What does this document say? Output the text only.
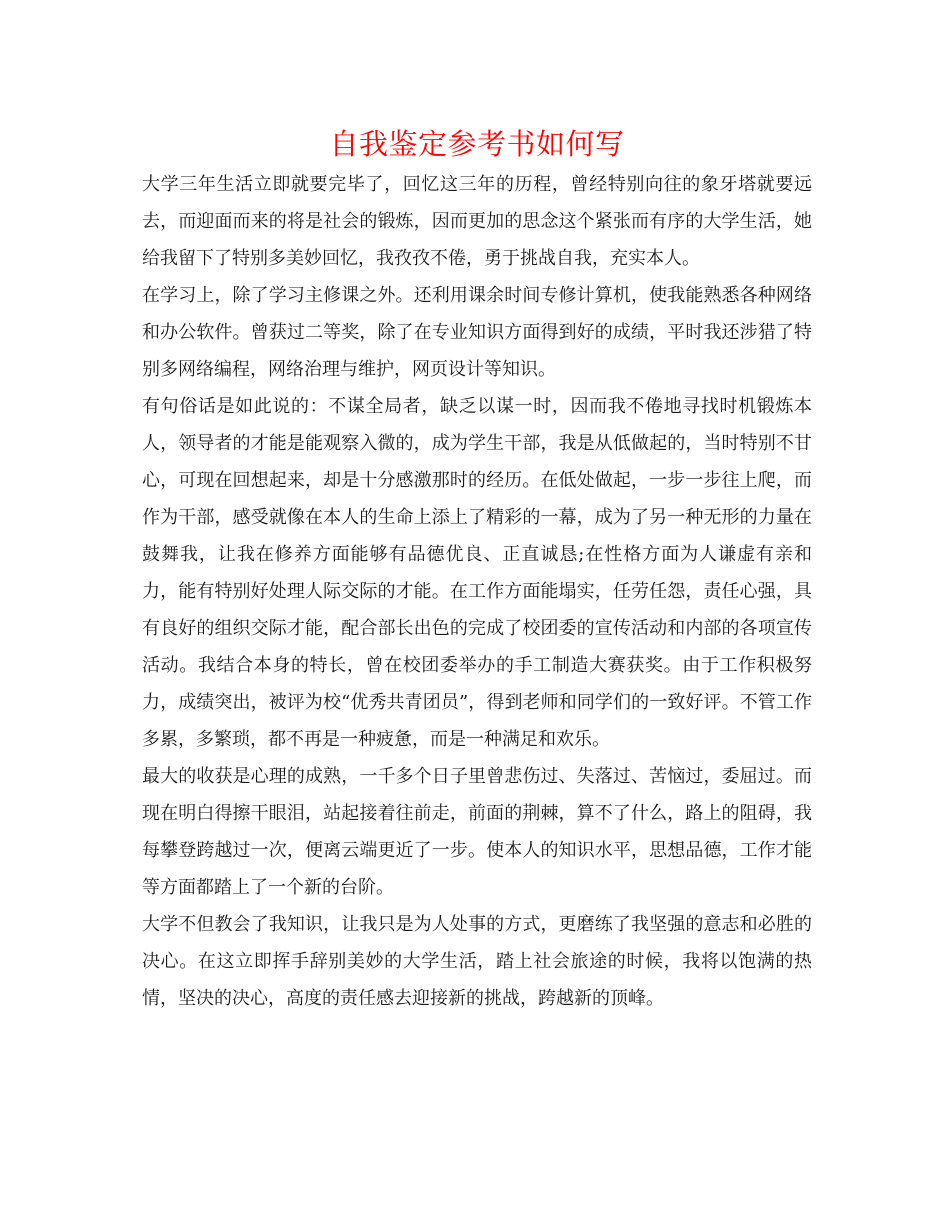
自我鉴定参考书如何写

大学三年生活立即就要完毕了，回忆这三年的历程，曾经特别向往的象牙塔就要远去，而迎面而来的将是社会的锻炼，因而更加的思念这个紧张而有序的大学生活，她给我留下了特别多美妙回忆，我孜孜不倦，勇于挑战自我，充实本人。

在学习上，除了学习主修课之外。还利用课余时间专修计算机，使我能熟悉各种网络和办公软件。曾获过二等奖，除了在专业知识方面得到好的成绩，平时我还涉猎了特别多网络编程，网络治理与维护，网页设计等知识。

有句俗话是如此说的：不谋全局者，缺乏以谋一时，因而我不倦地寻找时机锻炼本人，领导者的才能是能观察入微的，成为学生干部，我是从低做起的，当时特别不甘心，可现在回想起来，却是十分感激那时的经历。在低处做起，一步一步往上爬，而作为干部，感受就像在本人的生命上添上了精彩的一幕，成为了另一种无形的力量在鼓舞我，让我在修养方面能够有品德优良、正直诚恳;在性格方面为人谦虚有亲和力，能有特别好处理人际交际的才能。在工作方面能塌实，任劳任怨，责任心强，具有良好的组织交际才能，配合部长出色的完成了校团委的宣传活动和内部的各项宣传活动。我结合本身的特长，曾在校团委举办的手工制造大赛获奖。由于工作积极努力，成绩突出，被评为校“优秀共青团员”，得到老师和同学们的一致好评。不管工作多累，多繁琐，都不再是一种疲惫，而是一种满足和欢乐。

最大的收获是心理的成熟，一千多个日子里曾悲伤过、失落过、苦恼过，委屈过。而现在明白得擦干眼泪，站起接着往前走，前面的荆棘，算不了什么，路上的阻碍，我每攀登跨越过一次，便离云端更近了一步。使本人的知识水平，思想品德，工作才能等方面都踏上了一个新的台阶。

大学不但教会了我知识，让我只是为人处事的方式，更磨练了我坚强的意志和必胜的决心。在这立即挥手辞别美妙的大学生活，踏上社会旅途的时候，我将以饱满的热情，坚决的决心，高度的责任感去迎接新的挑战，跨越新的顶峰。
